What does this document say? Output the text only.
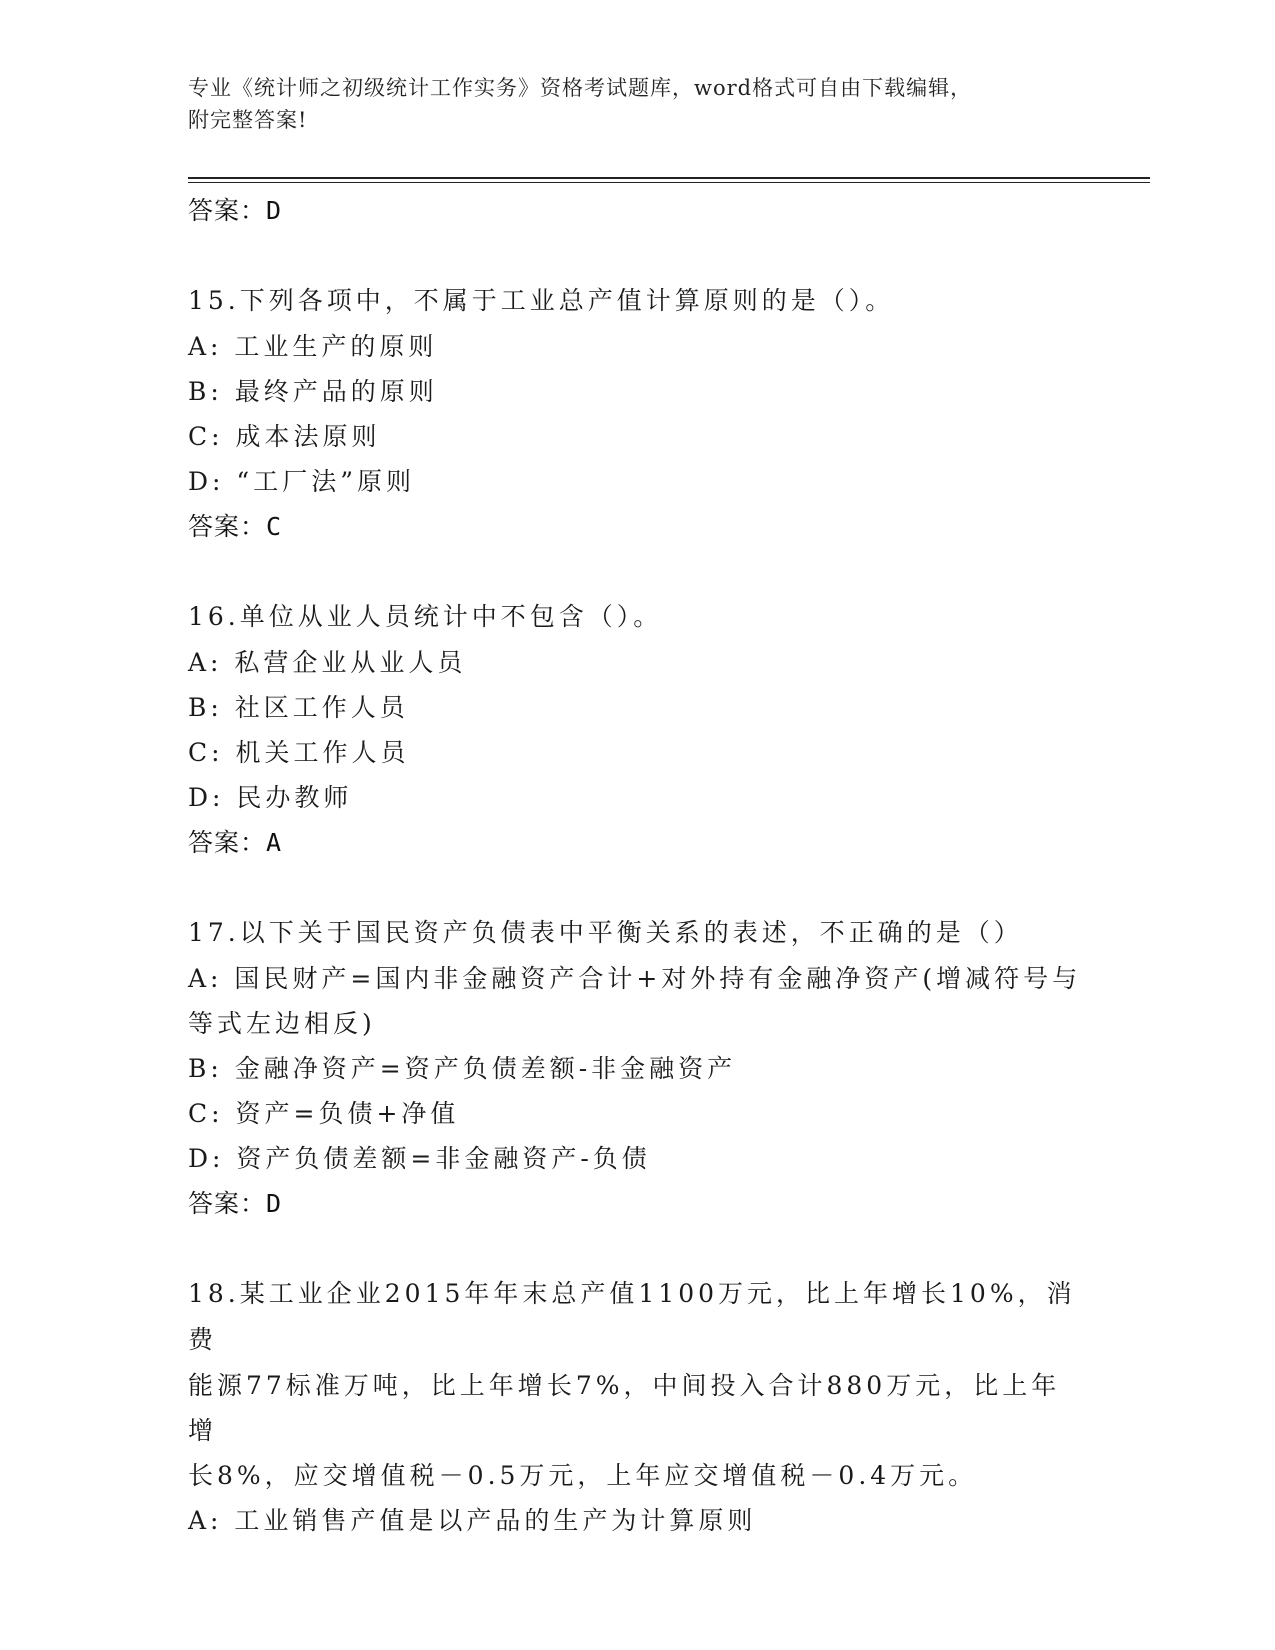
专业《统计师之初级统计工作实务》资格考试题库，word格式可自由下载编辑，
附完整答案!
答案：D
15.下列各项中，不属于工业总产值计算原则的是（）。
A: 工业生产的原则
B: 最终产品的原则
C: 成本法原则
D: “工厂法”原则
答案：C
16.单位从业人员统计中不包含（）。
A: 私营企业从业人员
B: 社区工作人员
C: 机关工作人员
D: 民办教师
答案：A
17.以下关于国民资产负债表中平衡关系的表述，不正确的是（）
A: 国民财产=国内非金融资产合计+对外持有金融净资产(增减符号与
等式左边相反)
B: 金融净资产=资产负债差额-非金融资产
C: 资产=负债+净值
D: 资产负债差额=非金融资产-负债
答案：D
18.某工业企业2015年年末总产值1100万元，比上年增长10%，消费
能源77标准万吨，比上年增长7%，中间投入合计880万元，比上年增
长8%，应交增值税－0.5万元，上年应交增值税－0.4万元。
A: 工业销售产值是以产品的生产为计算原则
